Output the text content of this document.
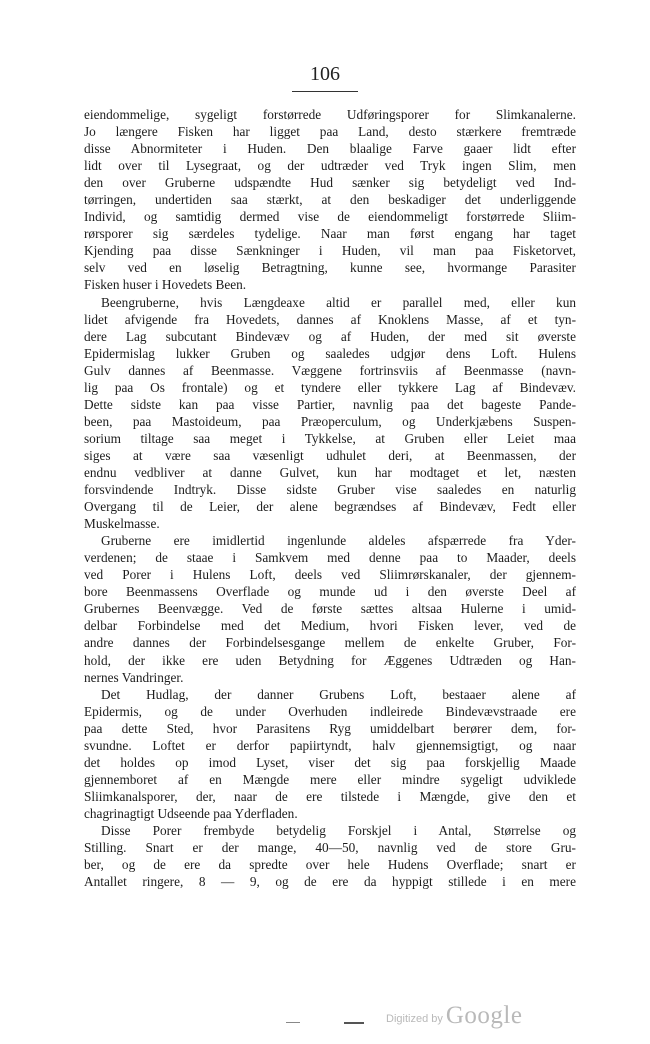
106
eiendommelige, sygeligt forstørrede Udføringsporer for Slimkanalerne.
Jo længere Fisken har ligget paa Land, desto stærkere fremtræde
disse Abnormiteter i Huden. Den blaalige Farve gaaer lidt efter
lidt over til Lysegraat, og der udtræder ved Tryk ingen Slim, men
den over Gruberne udspændte Hud sænker sig betydeligt ved Ind-
tørringen, undertiden saa stærkt, at den beskadiger det underliggende
Individ, og samtidig dermed vise de eiendommeligt forstørrede Sliim-
rørsporer sig særdeles tydelige. Naar man først engang har taget
Kjending paa disse Sænkninger i Huden, vil man paa Fisketorvet,
selv ved en løselig Betragtning, kunne see, hvormange Parasiter
Fisken huser i Hovedets Been.
Beengruberne, hvis Længdeaxe altid er parallel med, eller kun
lidet afvigende fra Hovedets, dannes af Knoklens Masse, af et tyn-
dere Lag subcutant Bindevæv og af Huden, der med sit øverste
Epidermislag lukker Gruben og saaledes udgjør dens Loft. Hulens
Gulv dannes af Beenmasse. Væggene fortrinsviis af Beenmasse (navn-
lig paa Os frontale) og et tyndere eller tykkere Lag af Bindevæv.
Dette sidste kan paa visse Partier, navnlig paa det bageste Pande-
been, paa Mastoideum, paa Præoperculum, og Underkjæbens Suspen-
sorium tiltage saa meget i Tykkelse, at Gruben eller Leiet maa
siges at være saa væsenligt udhulet deri, at Beenmassen, der
endnu vedbliver at danne Gulvet, kun har modtaget et let, næsten
forsvindende Indtryk. Disse sidste Gruber vise saaledes en naturlig
Overgang til de Leier, der alene begrændses af Bindevæv, Fedt eller
Muskelmasse.
Gruberne ere imidlertid ingenlunde aldeles afspærrede fra Yder-
verdenen; de staae i Samkvem med denne paa to Maader, deels
ved Porer i Hulens Loft, deels ved Sliimrørskanaler, der gjennem-
bore Beenmassens Overflade og munde ud i den øverste Deel af
Grubernes Beenvægge. Ved de første sættes altsaa Hulerne i umid-
delbar Forbindelse med det Medium, hvori Fisken lever, ved de
andre dannes der Forbindelsesgange mellem de enkelte Gruber, For-
hold, der ikke ere uden Betydning for Æggenes Udtræden og Han-
nernes Vandringer.
Det Hudlag, der danner Grubens Loft, bestaaer alene af
Epidermis, og de under Overhuden indleirede Bindevævstraade ere
paa dette Sted, hvor Parasitens Ryg umiddelbart berører dem, for-
svundne. Loftet er derfor papiirtyndt, halv gjennemsigtigt, og naar
det holdes op imod Lyset, viser det sig paa forskjellig Maade
gjennemboret af en Mængde mere eller mindre sygeligt udviklede
Sliimkanalsporer, der, naar de ere tilstede i Mængde, give den et
chagrinagtigt Udseende paa Yderfladen.
Disse Porer frembyde betydelig Forskjel i Antal, Størrelse og
Stilling. Snart er der mange, 40—50, navnlig ved de store Gru-
ber, og de ere da spredte over hele Hudens Overflade; snart er
Antallet ringere, 8 — 9, og de ere da hyppigt stillede i en mere
Digitized by Google
